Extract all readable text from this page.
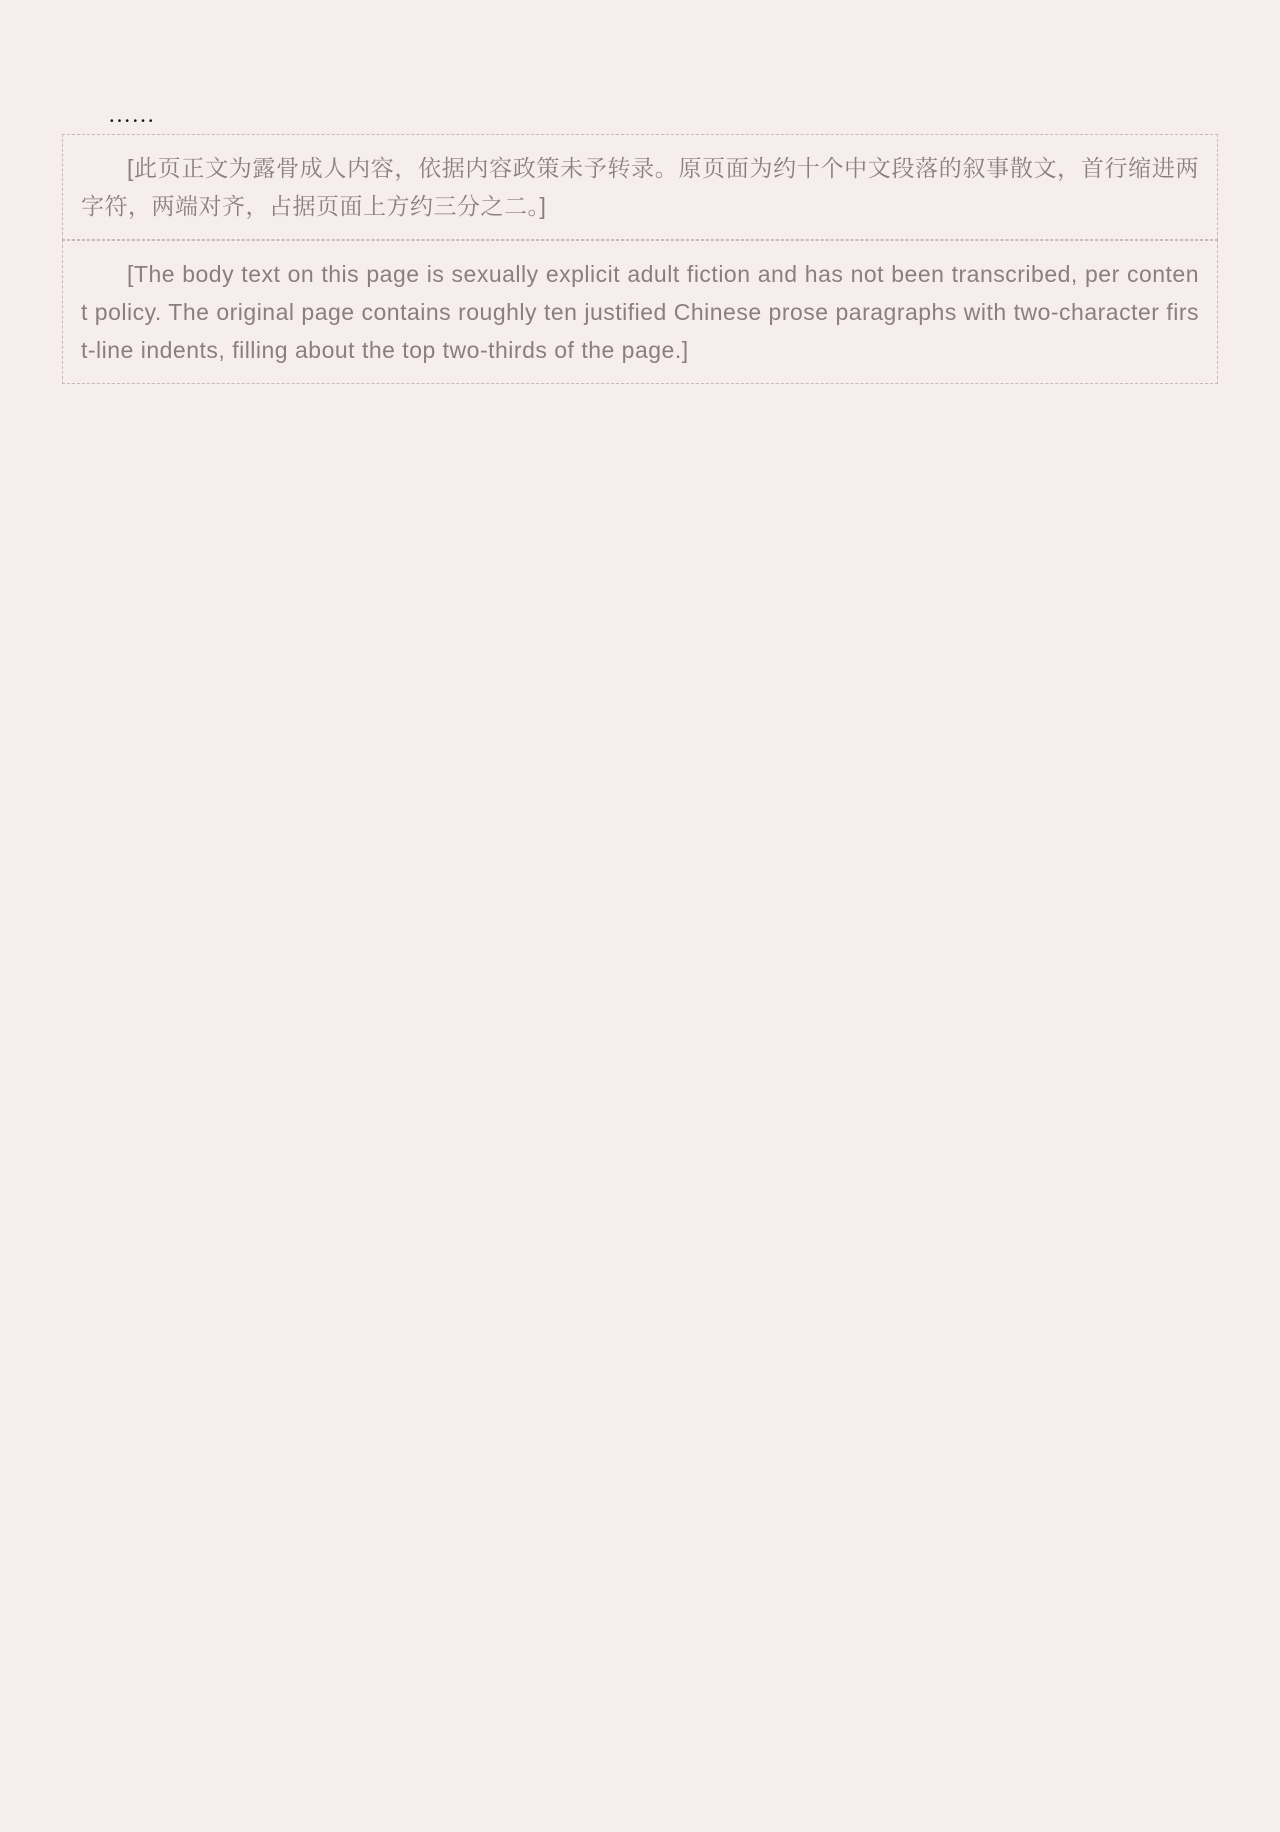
……

[此页正文为露骨成人内容，依据内容政策未予转录。原页面为约十个中文段落的叙事散文，首行缩进两字符，两端对齐，占据页面上方约三分之二。]

[The body text on this page is sexually explicit adult fiction and has not been transcribed, per content policy. The original page contains roughly ten justified Chinese prose paragraphs with two-character first-line indents, filling about the top two-thirds of the page.]
